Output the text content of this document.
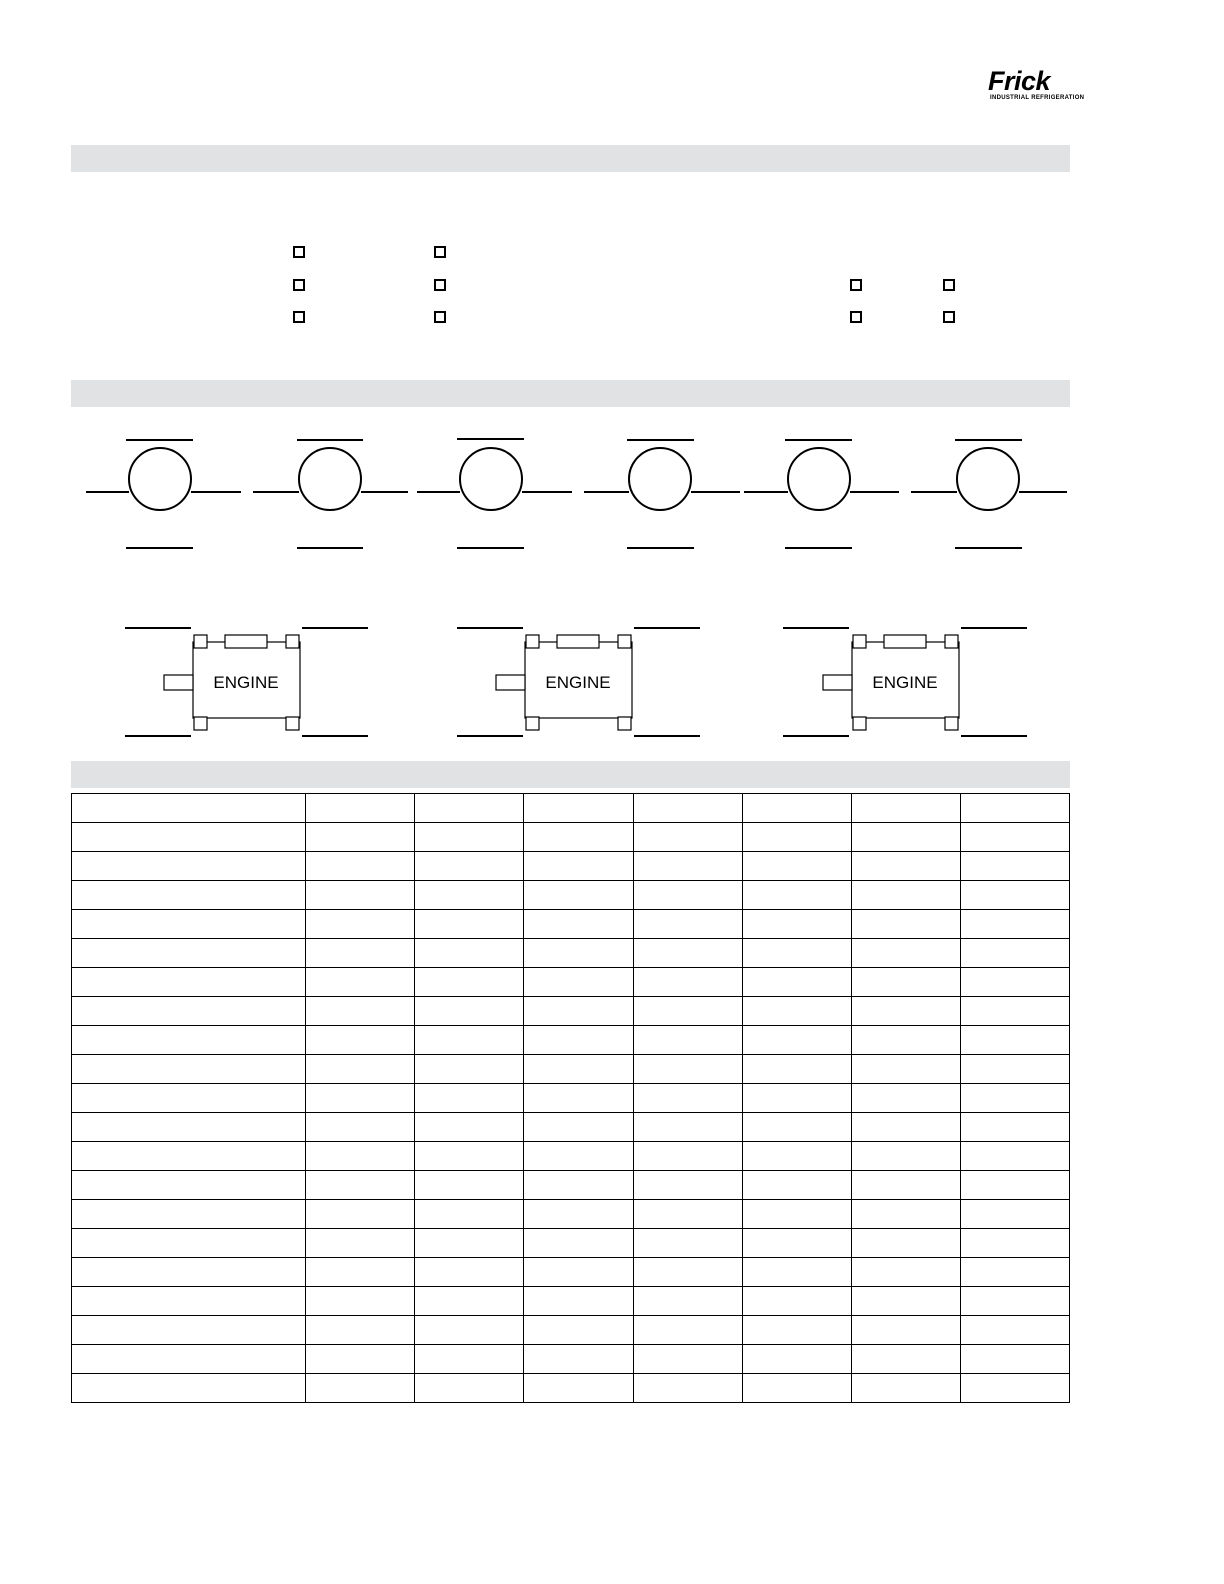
Frick
INDUSTRIAL REFRIGERATION
ENGINE	ENGINE	ENGINE
